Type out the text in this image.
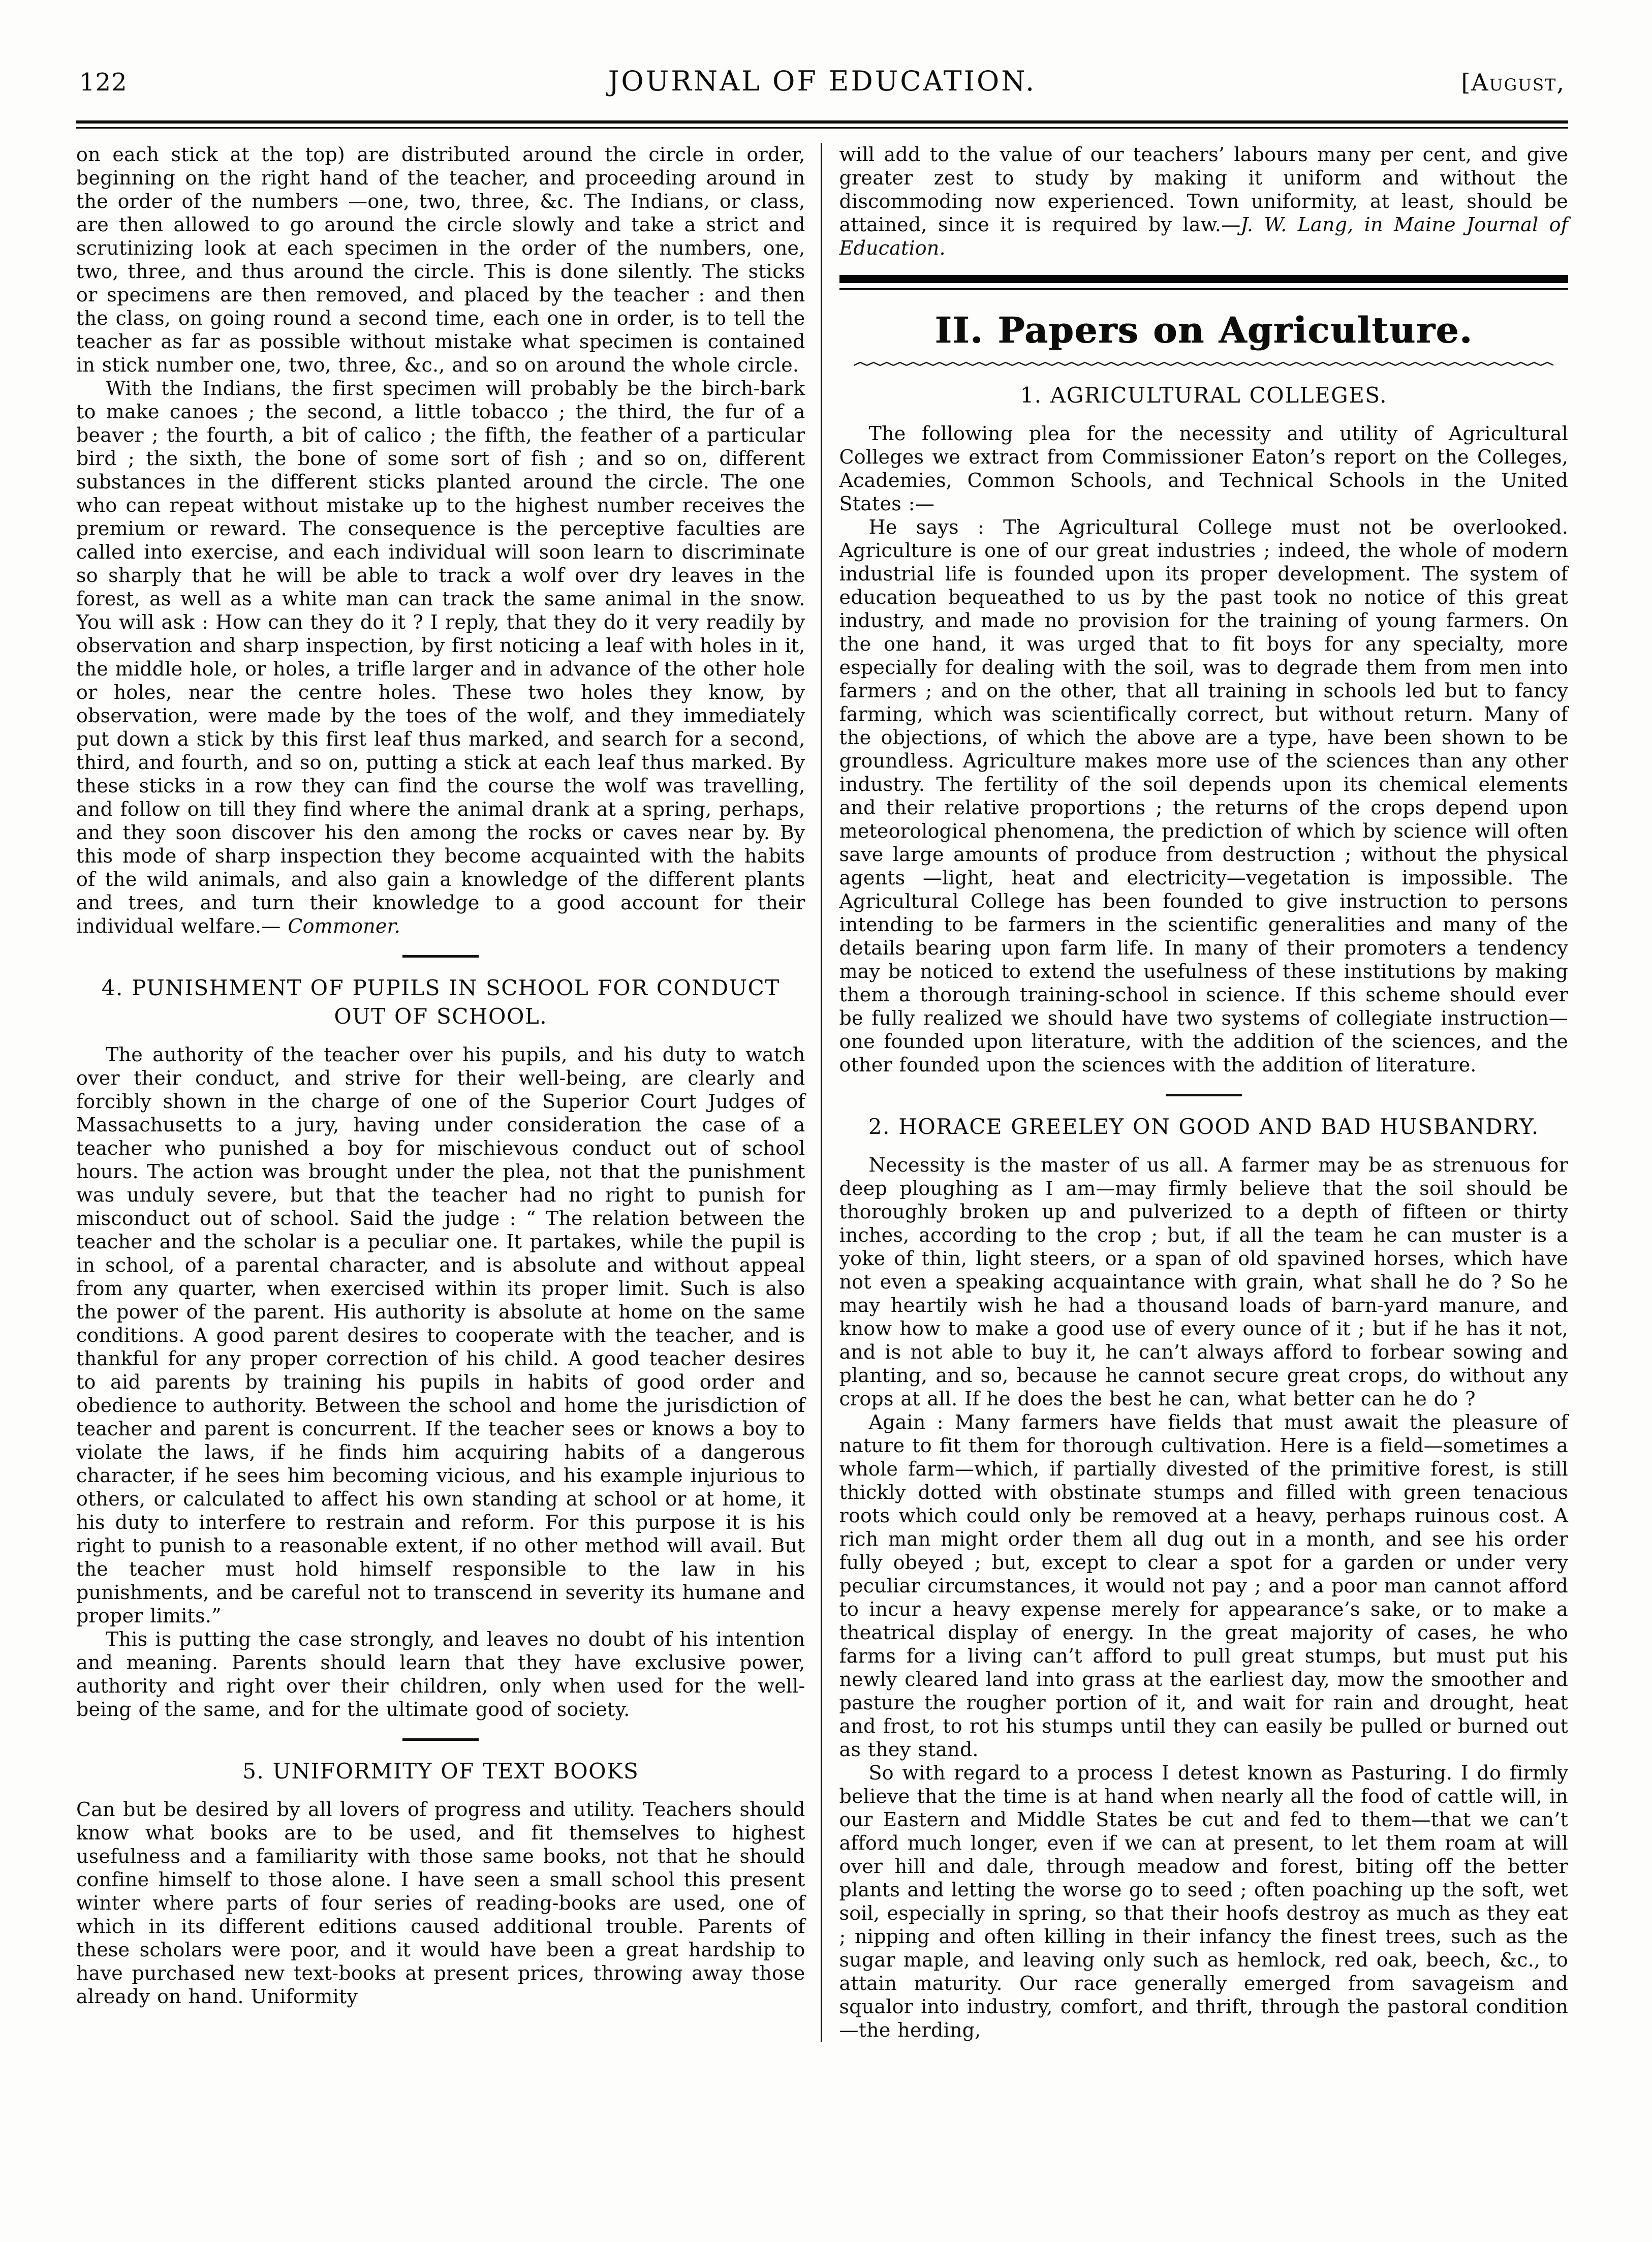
122	JOURNAL OF EDUCATION.	[August,

on each stick at the top) are distributed around the circle in order, beginning on the right hand of the teacher, and proceeding around in the order of the numbers —one, two, three, &c. The Indians, or class, are then allowed to go around the circle slowly and take a strict and scrutinizing look at each specimen in the order of the numbers, one, two, three, and thus around the circle. This is done silently. The sticks or specimens are then removed, and placed by the teacher : and then the class, on going round a second time, each one in order, is to tell the teacher as far as possible without mistake what specimen is contained in stick number one, two, three, &c., and so on around the whole circle.

With the Indians, the first specimen will probably be the birch-bark to make canoes ; the second, a little tobacco ; the third, the fur of a beaver ; the fourth, a bit of calico ; the fifth, the feather of a particular bird ; the sixth, the bone of some sort of fish ; and so on, different substances in the different sticks planted around the circle. The one who can repeat without mistake up to the highest number receives the premium or reward. The consequence is the perceptive faculties are called into exercise, and each individual will soon learn to discriminate so sharply that he will be able to track a wolf over dry leaves in the forest, as well as a white man can track the same animal in the snow. You will ask : How can they do it ? I reply, that they do it very readily by observation and sharp inspection, by first noticing a leaf with holes in it, the middle hole, or holes, a trifle larger and in advance of the other hole or holes, near the centre holes. These two holes they know, by observation, were made by the toes of the wolf, and they immediately put down a stick by this first leaf thus marked, and search for a second, third, and fourth, and so on, putting a stick at each leaf thus marked. By these sticks in a row they can find the course the wolf was travelling, and follow on till they find where the animal drank at a spring, perhaps, and they soon discover his den among the rocks or caves near by. By this mode of sharp inspection they become acquainted with the habits of the wild animals, and also gain a knowledge of the different plants and trees, and turn their knowledge to a good account for their individual welfare.— Commoner.

4. PUNISHMENT OF PUPILS IN SCHOOL FOR CONDUCT OUT OF SCHOOL.

The authority of the teacher over his pupils, and his duty to watch over their conduct, and strive for their well-being, are clearly and forcibly shown in the charge of one of the Superior Court Judges of Massachusetts to a jury, having under consideration the case of a teacher who punished a boy for mischievous conduct out of school hours. The action was brought under the plea, not that the punishment was unduly severe, but that the teacher had no right to punish for misconduct out of school. Said the judge : “ The relation between the teacher and the scholar is a peculiar one. It partakes, while the pupil is in school, of a parental character, and is absolute and without appeal from any quarter, when exercised within its proper limit. Such is also the power of the parent. His authority is absolute at home on the same conditions. A good parent desires to cooperate with the teacher, and is thankful for any proper correction of his child. A good teacher desires to aid parents by training his pupils in habits of good order and obedience to authority. Between the school and home the jurisdiction of teacher and parent is concurrent. If the teacher sees or knows a boy to violate the laws, if he finds him acquiring habits of a dangerous character, if he sees him becoming vicious, and his example injurious to others, or calculated to affect his own standing at school or at home, it his duty to interfere to restrain and reform. For this purpose it is his right to punish to a reasonable extent, if no other method will avail. But the teacher must hold himself responsible to the law in his punishments, and be careful not to transcend in severity its humane and proper limits.”

This is putting the case strongly, and leaves no doubt of his intention and meaning. Parents should learn that they have exclusive power, authority and right over their children, only when used for the well-being of the same, and for the ultimate good of society.

5. UNIFORMITY OF TEXT BOOKS

Can but be desired by all lovers of progress and utility. Teachers should know what books are to be used, and fit themselves to highest usefulness and a familiarity with those same books, not that he should confine himself to those alone. I have seen a small school this present winter where parts of four series of reading-books are used, one of which in its different editions caused additional trouble. Parents of these scholars were poor, and it would have been a great hardship to have purchased new text-books at present prices, throwing away those already on hand. Uniformity

will add to the value of our teachers’ labours many per cent, and give greater zest to study by making it uniform and without the discommoding now experienced. Town uniformity, at least, should be attained, since it is required by law.—J. W. Lang, in Maine Journal of Education.

II. Papers on Agriculture.
1. AGRICULTURAL COLLEGES.

The following plea for the necessity and utility of Agricultural Colleges we extract from Commissioner Eaton’s report on the Colleges, Academies, Common Schools, and Technical Schools in the United States :—

He says : The Agricultural College must not be overlooked. Agriculture is one of our great industries ; indeed, the whole of modern industrial life is founded upon its proper development. The system of education bequeathed to us by the past took no notice of this great industry, and made no provision for the training of young farmers. On the one hand, it was urged that to fit boys for any specialty, more especially for dealing with the soil, was to degrade them from men into farmers ; and on the other, that all training in schools led but to fancy farming, which was scientifically correct, but without return. Many of the objections, of which the above are a type, have been shown to be groundless. Agriculture makes more use of the sciences than any other industry. The fertility of the soil depends upon its chemical elements and their relative proportions ; the returns of the crops depend upon meteorological phenomena, the prediction of which by science will often save large amounts of produce from destruction ; without the physical agents —light, heat and electricity—vegetation is impossible. The Agricultural College has been founded to give instruction to persons intending to be farmers in the scientific generalities and many of the details bearing upon farm life. In many of their promoters a tendency may be noticed to extend the usefulness of these institutions by making them a thorough training-school in science. If this scheme should ever be fully realized we should have two systems of collegiate instruction—one founded upon literature, with the addition of the sciences, and the other founded upon the sciences with the addition of literature.

2. HORACE GREELEY ON GOOD AND BAD HUSBANDRY.

Necessity is the master of us all. A farmer may be as strenuous for deep ploughing as I am—may firmly believe that the soil should be thoroughly broken up and pulverized to a depth of fifteen or thirty inches, according to the crop ; but, if all the team he can muster is a yoke of thin, light steers, or a span of old spavined horses, which have not even a speaking acquaintance with grain, what shall he do ? So he may heartily wish he had a thousand loads of barn-yard manure, and know how to make a good use of every ounce of it ; but if he has it not, and is not able to buy it, he can’t always afford to forbear sowing and planting, and so, because he cannot secure great crops, do without any crops at all. If he does the best he can, what better can he do ?

Again : Many farmers have fields that must await the pleasure of nature to fit them for thorough cultivation. Here is a field—sometimes a whole farm—which, if partially divested of the primitive forest, is still thickly dotted with obstinate stumps and filled with green tenacious roots which could only be removed at a heavy, perhaps ruinous cost. A rich man might order them all dug out in a month, and see his order fully obeyed ; but, except to clear a spot for a garden or under very peculiar circumstances, it would not pay ; and a poor man cannot afford to incur a heavy expense merely for appearance’s sake, or to make a theatrical display of energy. In the great majority of cases, he who farms for a living can’t afford to pull great stumps, but must put his newly cleared land into grass at the earliest day, mow the smoother and pasture the rougher portion of it, and wait for rain and drought, heat and frost, to rot his stumps until they can easily be pulled or burned out as they stand.

So with regard to a process I detest known as Pasturing. I do firmly believe that the time is at hand when nearly all the food of cattle will, in our Eastern and Middle States be cut and fed to them—that we can’t afford much longer, even if we can at present, to let them roam at will over hill and dale, through meadow and forest, biting off the better plants and letting the worse go to seed ; often poaching up the soft, wet soil, especially in spring, so that their hoofs destroy as much as they eat ; nipping and often killing in their infancy the finest trees, such as the sugar maple, and leaving only such as hemlock, red oak, beech, &c., to attain maturity. Our race generally emerged from savageism and squalor into industry, comfort, and thrift, through the pastoral condition—the herding,
